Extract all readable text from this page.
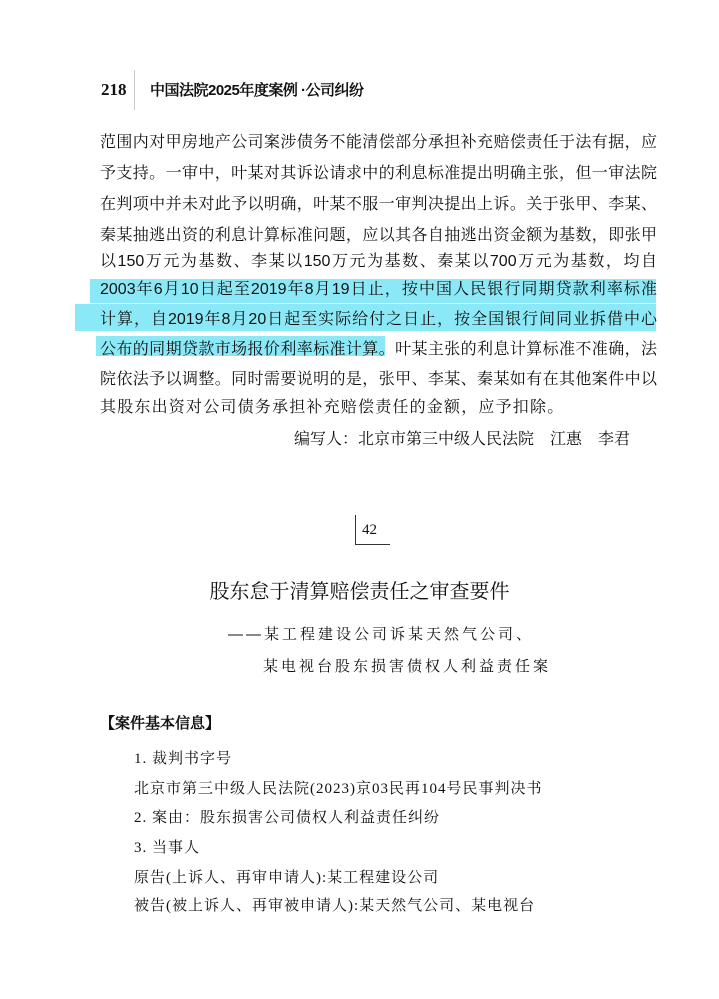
218 中国法院2025年度案例 ·公司纠纷
范围内对甲房地产公司案涉债务不能清偿部分承担补充赔偿责任于法有据，应
予支持。一审中，叶某对其诉讼请求中的利息标准提出明确主张，但一审法院
在判项中并未对此予以明确，叶某不服一审判决提出上诉。关于张甲、李某、
秦某抽逃出资的利息计算标准问题，应以其各自抽逃出资金额为基数，即张甲
以150万元为基数、李某以150万元为基数、秦某以700万元为基数，均自
2003年6月10日起至2019年8月19日止，按中国人民银行同期贷款利率标准
计算，自2019年8月20日起至实际给付之日止，按全国银行间同业拆借中心
公布的同期贷款市场报价利率标准计算。叶某主张的利息计算标准不准确，法
院依法予以调整。同时需要说明的是，张甲、李某、秦某如有在其他案件中以
其股东出资对公司债务承担补充赔偿责任的金额，应予扣除。
编写人：北京市第三中级人民法院　江惠　李君
42
股东怠于清算赔偿责任之审查要件
——某工程建设公司诉某天然气公司、
某电视台股东损害债权人利益责任案
【案件基本信息】
1. 裁判书字号
北京市第三中级人民法院(2023)京03民再104号民事判决书
2. 案由：股东损害公司债权人利益责任纠纷
3. 当事人
原告(上诉人、再审申请人):某工程建设公司
被告(被上诉人、再审被申请人):某天然气公司、某电视台
